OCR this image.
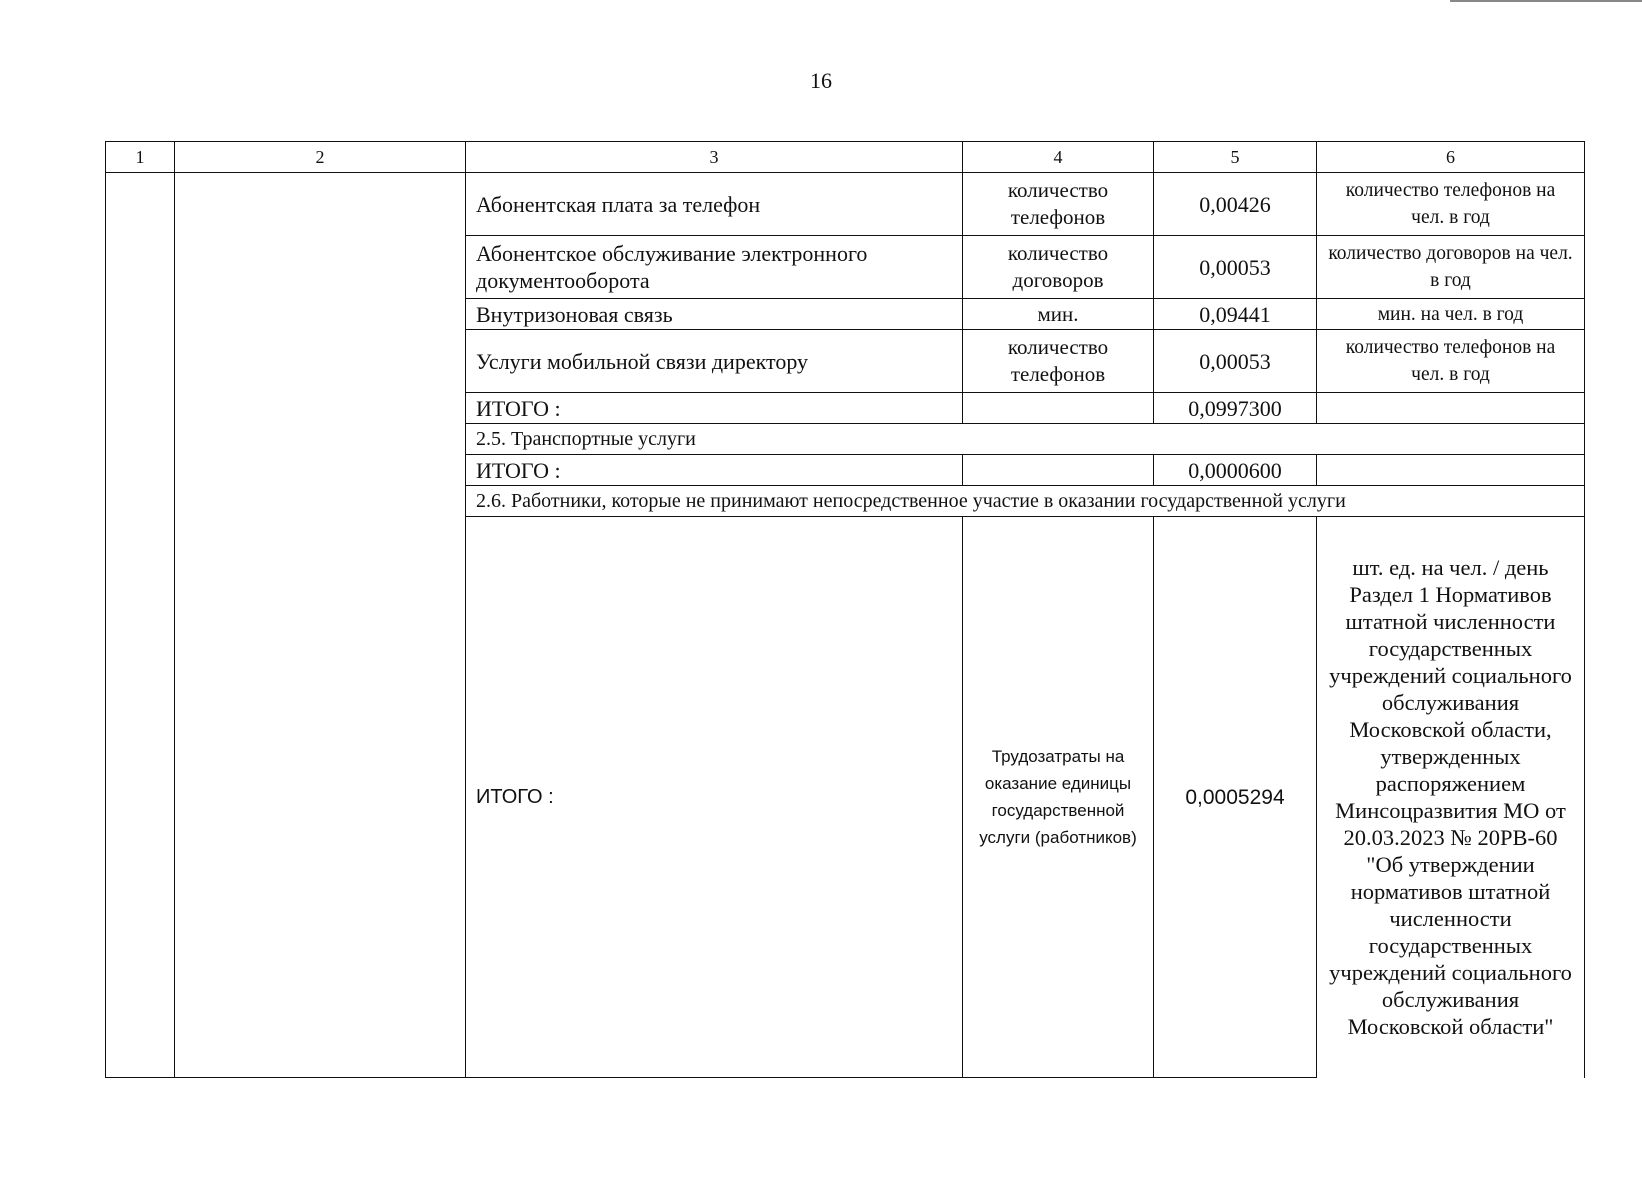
16
1	2	3	4	5	6
		Абонентская плата за телефон	количество телефонов	0,00426	количество телефонов на чел. в год
		Абонентское обслуживание электронного документооборота	количество договоров	0,00053	количество договоров на чел. в год
		Внутризоновая связь	мин.	0,09441	мин. на чел. в год
		Услуги мобильной связи директору	количество телефонов	0,00053	количество телефонов на чел. в год
		ИТОГО :		0,0997300	
		2.5. Транспортные услуги			
		ИТОГО :		0,0000600	
		2.6. Работники, которые не принимают непосредственное участие в оказании государственной услуги			
		ИТОГО :	Трудозатраты на оказание единицы государственной услуги (работников)	0,0005294	шт. ед. на чел. / день Раздел 1 Нормативов штатной численности государственных учреждений социального обслуживания Московской области, утвержденных распоряжением Минсоцразвития МО от 20.03.2023 № 20РВ-60 "Об утверждении нормативов штатной численности государственных учреждений социального обслуживания Московской области"
